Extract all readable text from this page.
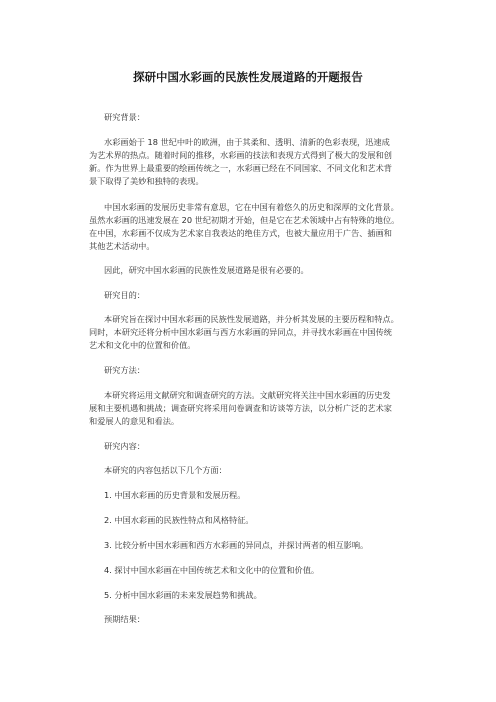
探研中国水彩画的民族性发展道路的开题报告
研究背景：
水彩画始于 18 世纪中叶的欧洲，由于其柔和、透明、清新的色彩表现，迅速成
为艺术界的热点。随着时间的推移，水彩画的技法和表现方式得到了极大的发展和创
新。作为世界上最重要的绘画传统之一，水彩画已经在不同国家、不同文化和艺术背
景下取得了美妙和独特的表现。
中国水彩画的发展历史非常有意思，它在中国有着悠久的历史和深厚的文化背景。
虽然水彩画的迅速发展在 20 世纪初期才开始，但是它在艺术领域中占有特殊的地位。
在中国，水彩画不仅成为艺术家自我表达的绝佳方式，也被大量应用于广告、插画和
其他艺术活动中。
因此，研究中国水彩画的民族性发展道路是很有必要的。
研究目的：
本研究旨在探讨中国水彩画的民族性发展道路，并分析其发展的主要历程和特点。
同时，本研究还将分析中国水彩画与西方水彩画的异同点，并寻找水彩画在中国传统
艺术和文化中的位置和价值。
研究方法：
本研究将运用文献研究和调查研究的方法。文献研究将关注中国水彩画的历史发
展和主要机遇和挑战；调查研究将采用问卷调查和访谈等方法，以分析广泛的艺术家
和爱展人的意见和看法。
研究内容：
本研究的内容包括以下几个方面：
1. 中国水彩画的历史背景和发展历程。
2. 中国水彩画的民族性特点和风格特征。
3. 比较分析中国水彩画和西方水彩画的异同点，并探讨两者的相互影响。
4. 探讨中国水彩画在中国传统艺术和文化中的位置和价值。
5. 分析中国水彩画的未来发展趋势和挑战。
预期结果：
